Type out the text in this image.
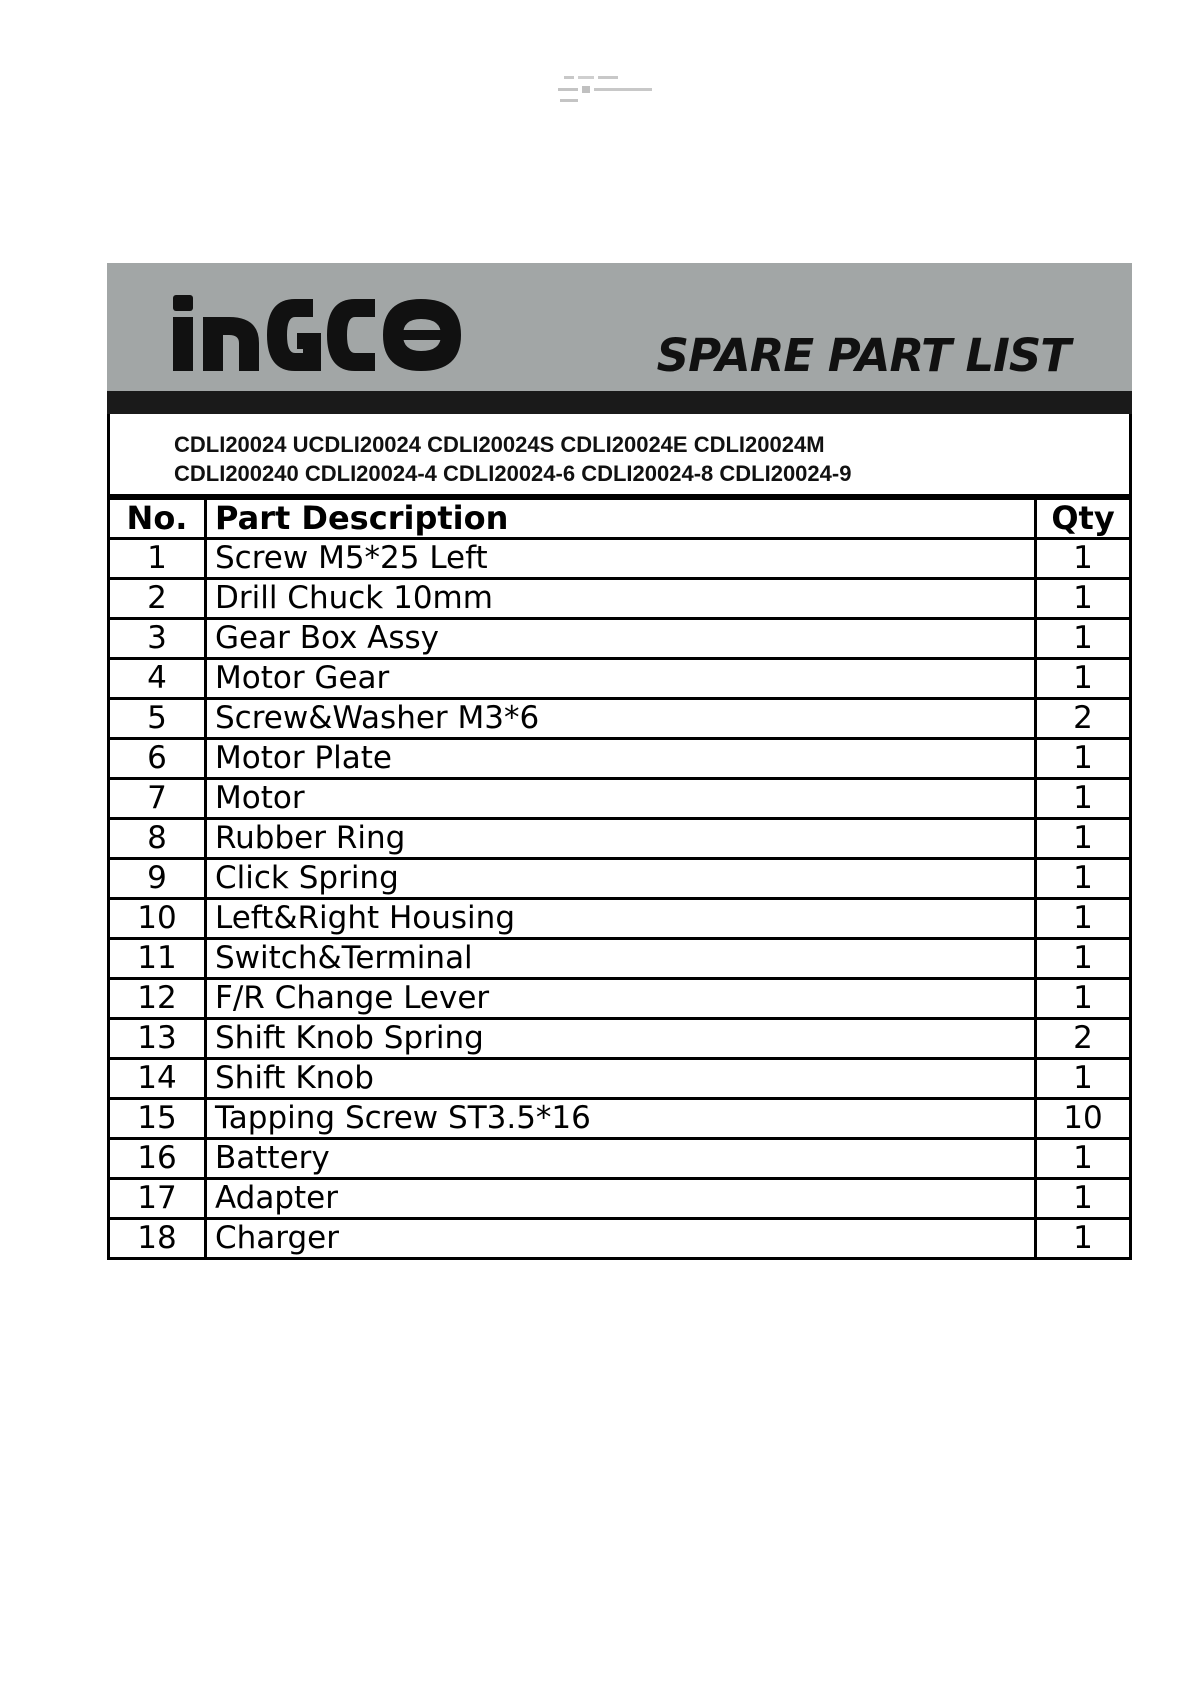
SPARE PART LIST
CDLI20024 UCDLI20024 CDLI20024S CDLI20024E CDLI20024M
CDLI200240 CDLI20024-4 CDLI20024-6 CDLI20024-8 CDLI20024-9
No.	Part Description	Qty
1	Screw M5*25 Left	1
2	Drill Chuck 10mm	1
3	Gear Box Assy	1
4	Motor Gear	1
5	Screw&Washer M3*6	2
6	Motor Plate	1
7	Motor	1
8	Rubber Ring	1
9	Click Spring	1
10	Left&Right Housing	1
11	Switch&Terminal	1
12	F/R Change Lever	1
13	Shift Knob Spring	2
14	Shift Knob	1
15	Tapping Screw ST3.5*16	10
16	Battery	1
17	Adapter	1
18	Charger	1
